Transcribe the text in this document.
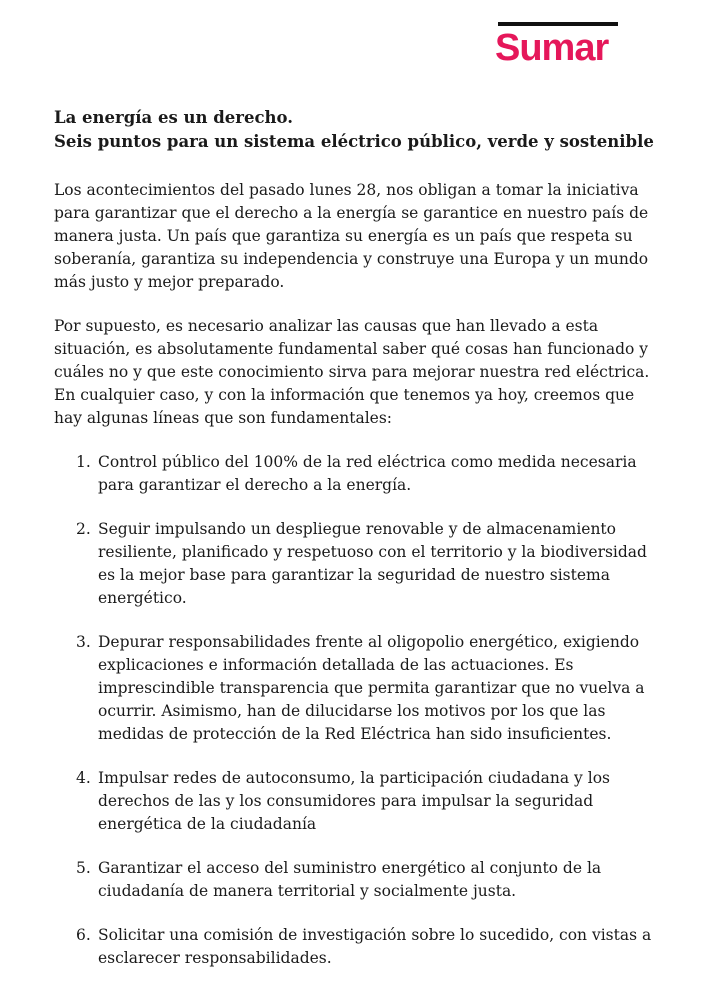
Sumar
La energía es un derecho.
Seis puntos para un sistema eléctrico público, verde y sostenible

Los acontecimientos del pasado lunes 28, nos obligan a tomar la iniciativa para garantizar que el derecho a la energía se garantice en nuestro país de manera justa. Un país que garantiza su energía es un país que respeta su soberanía, garantiza su independencia y construye una Europa y un mundo más justo y mejor preparado.

Por supuesto, es necesario analizar las causas que han llevado a esta situación, es absolutamente fundamental saber qué cosas han funcionado y cuáles no y que este conocimiento sirva para mejorar nuestra red eléctrica. En cualquier caso, y con la información que tenemos ya hoy, creemos que hay algunas líneas que son fundamentales:

1. Control público del 100% de la red eléctrica como medida necesaria para garantizar el derecho a la energía.
2. Seguir impulsando un despliegue renovable y de almacenamiento resiliente, planificado y respetuoso con el territorio y la biodiversidad es la mejor base para garantizar la seguridad de nuestro sistema energético.
3. Depurar responsabilidades frente al oligopolio energético, exigiendo explicaciones e información detallada de las actuaciones. Es imprescindible transparencia que permita garantizar que no vuelva a ocurrir. Asimismo, han de dilucidarse los motivos por los que las medidas de protección de la Red Eléctrica han sido insuficientes.
4. Impulsar redes de autoconsumo, la participación ciudadana y los derechos de las y los consumidores para impulsar la seguridad energética de la ciudadanía
5. Garantizar el acceso del suministro energético al conjunto de la ciudadanía de manera territorial y socialmente justa.
6. Solicitar una comisión de investigación sobre lo sucedido, con vistas a esclarecer responsabilidades.
